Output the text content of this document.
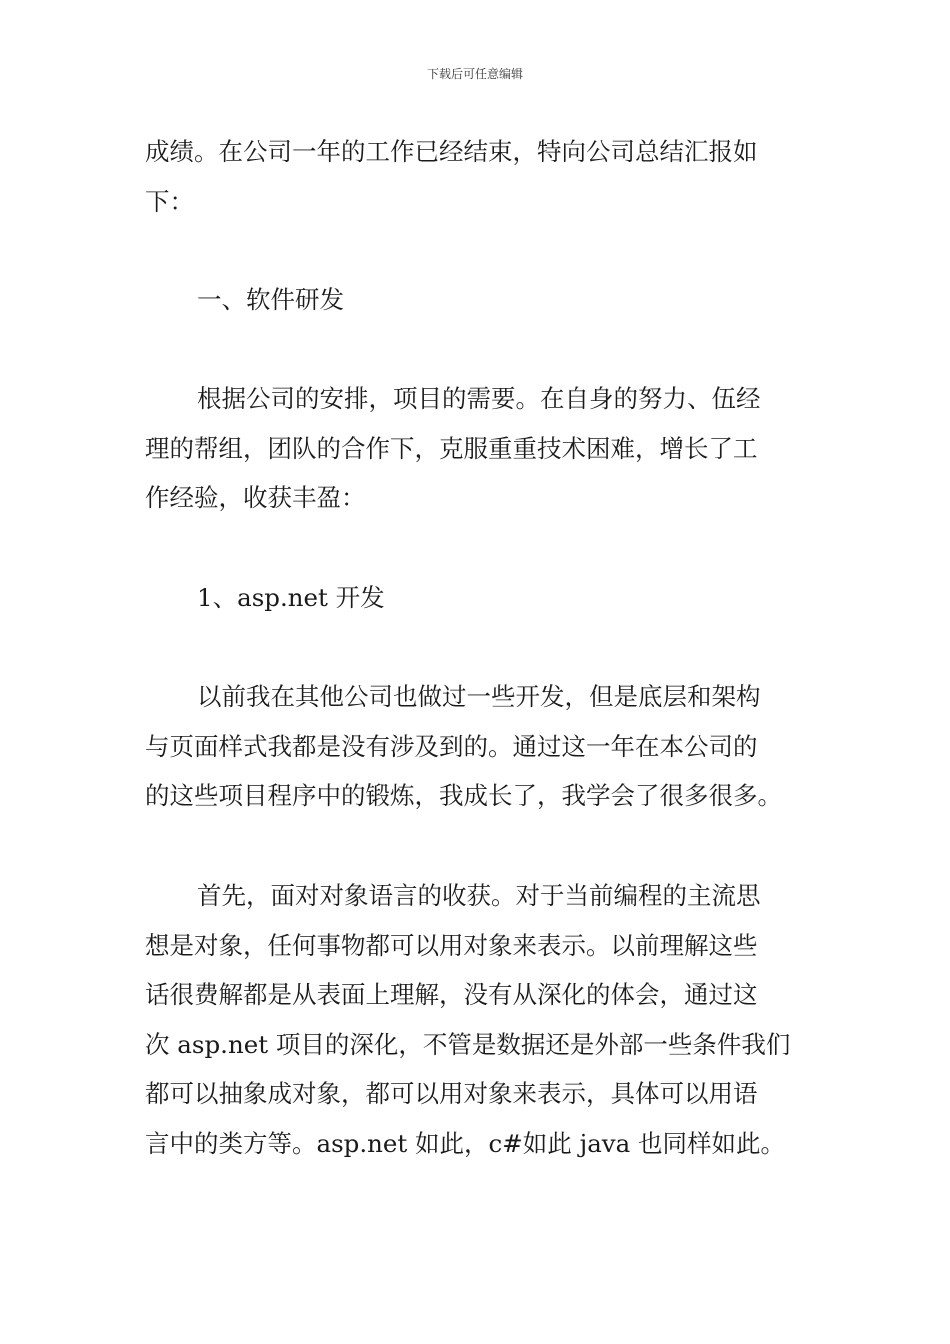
下载后可任意编辑
成绩。在公司一年的工作已经结束，特向公司总结汇报如
下：
一、软件研发
根据公司的安排，项目的需要。在自身的努力、伍经
理的帮组，团队的合作下，克服重重技术困难，增长了工
作经验，收获丰盈：
1、asp.net 开发
以前我在其他公司也做过一些开发，但是底层和架构
与页面样式我都是没有涉及到的。通过这一年在本公司的
的这些项目程序中的锻炼，我成长了，我学会了很多很多。
首先，面对对象语言的收获。对于当前编程的主流思
想是对象，任何事物都可以用对象来表示。以前理解这些
话很费解都是从表面上理解，没有从深化的体会，通过这
次 asp.net 项目的深化，不管是数据还是外部一些条件我们
都可以抽象成对象，都可以用对象来表示，具体可以用语
言中的类方等。asp.net 如此，c#如此 java 也同样如此。
